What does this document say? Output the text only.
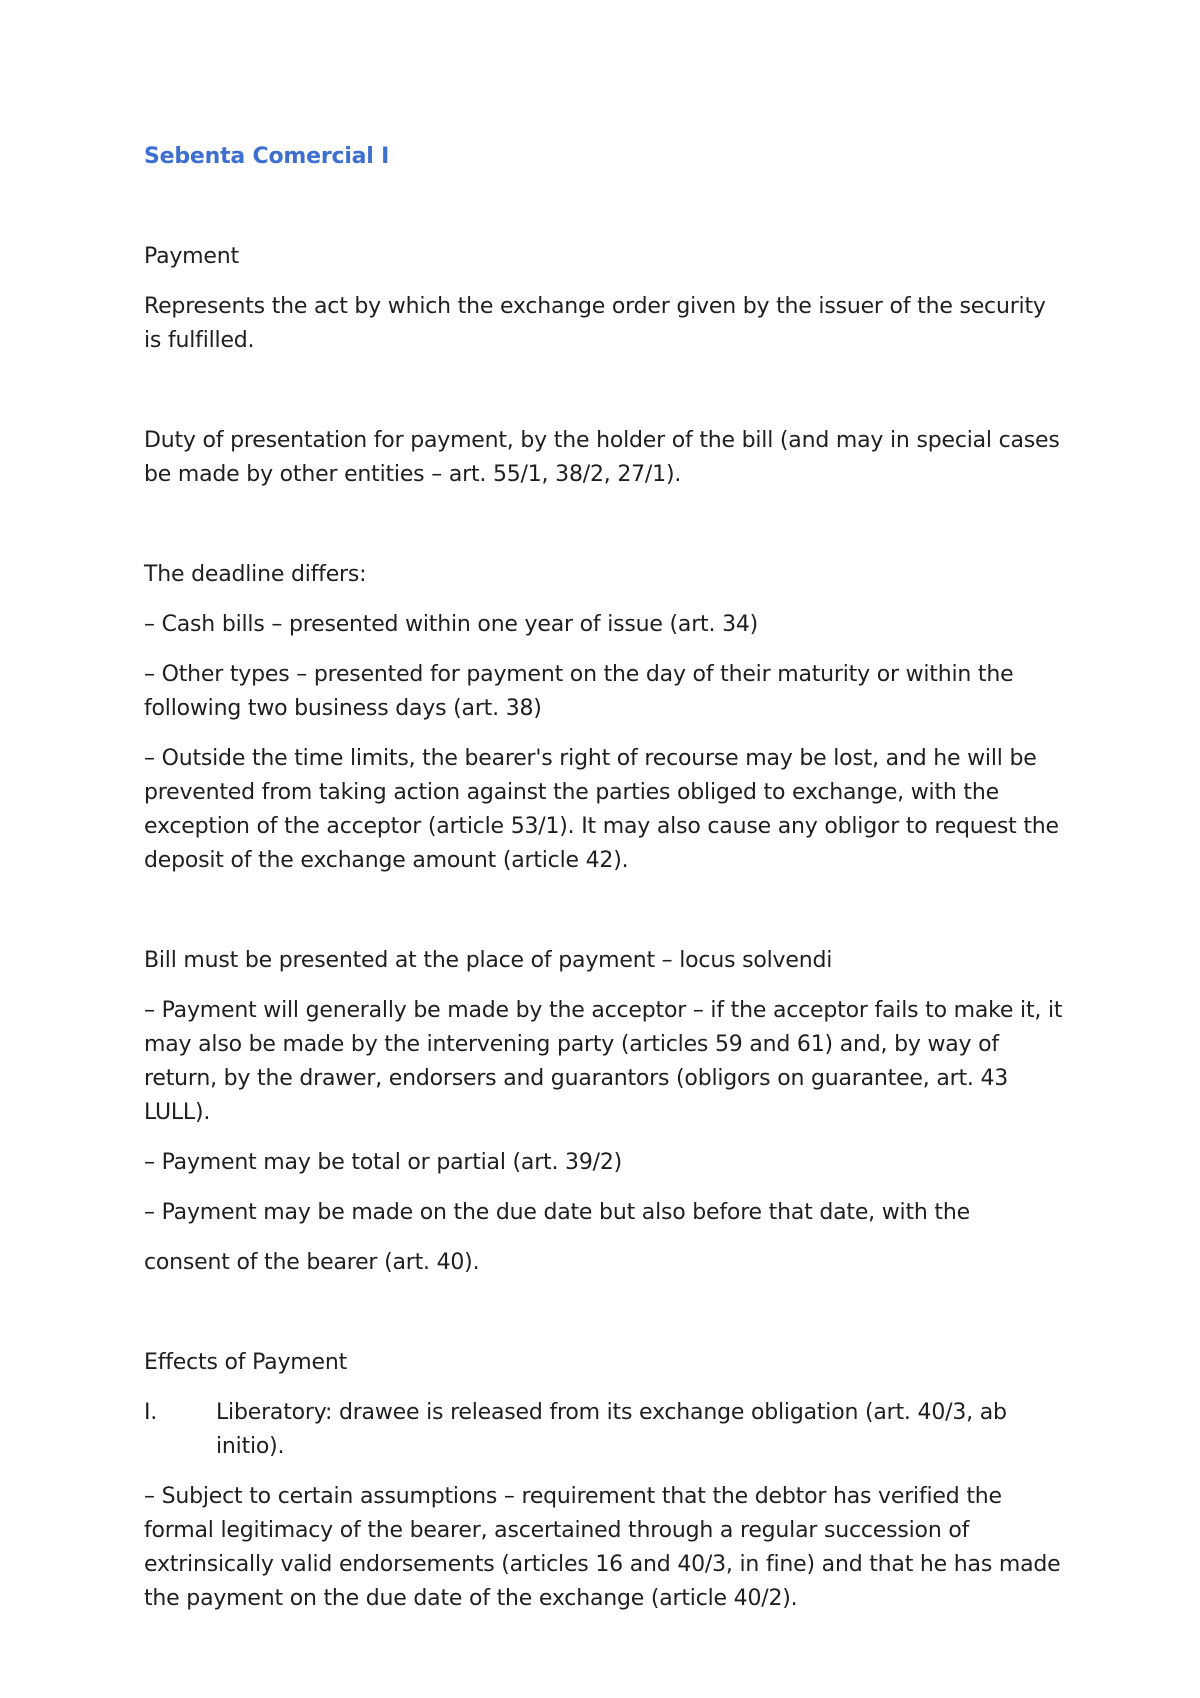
Sebenta Comercial I
Payment
Represents the act by which the exchange order given by the issuer of the security is fulfilled.
Duty of presentation for payment, by the holder of the bill (and may in special cases be made by other entities – art. 55/1, 38/2, 27/1).
The deadline differs:
– Cash bills – presented within one year of issue (art. 34)
– Other types – presented for payment on the day of their maturity or within the following two business days (art. 38)
– Outside the time limits, the bearer's right of recourse may be lost, and he will be prevented from taking action against the parties obliged to exchange, with the exception of the acceptor (article 53/1). It may also cause any obligor to request the deposit of the exchange amount (article 42).
Bill must be presented at the place of payment – locus solvendi
– Payment will generally be made by the acceptor – if the acceptor fails to make it, it may also be made by the intervening party (articles 59 and 61) and, by way of return, by the drawer, endorsers and guarantors (obligors on guarantee, art. 43 LULL).
– Payment may be total or partial (art. 39/2)
– Payment may be made on the due date but also before that date, with the
consent of the bearer (art. 40).
Effects of Payment
I.	Liberatory: drawee is released from its exchange obligation (art. 40/3, ab initio).
– Subject to certain assumptions – requirement that the debtor has verified the formal legitimacy of the bearer, ascertained through a regular succession of extrinsically valid endorsements (articles 16 and 40/3, in fine) and that he has made the payment on the due date of the exchange (article 40/2).
